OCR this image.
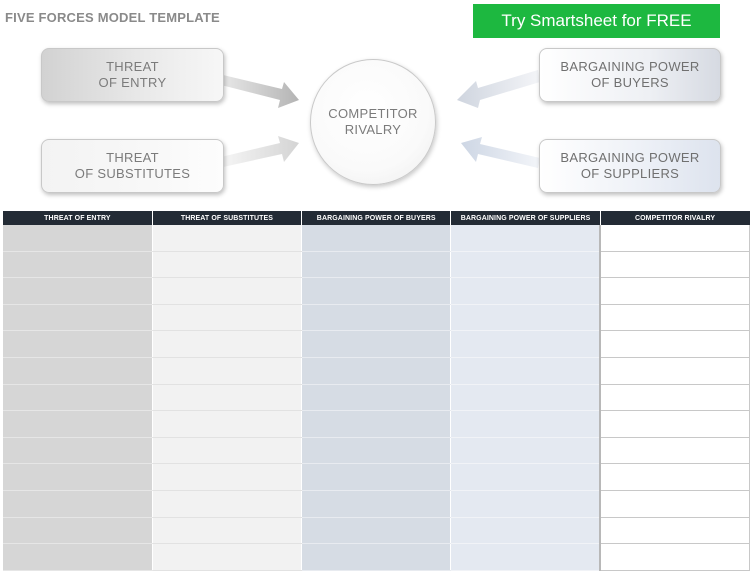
FIVE FORCES MODEL TEMPLATE	Try Smartsheet for FREE
THREAT
OF ENTRY
THREAT
OF SUBSTITUTES
BARGAINING POWER
OF BUYERS
BARGAINING POWER
OF SUPPLIERS
COMPETITOR
RIVALRY
THREAT OF ENTRY	THREAT OF SUBSTITUTES	BARGAINING POWER OF BUYERS	BARGAINING POWER OF SUPPLIERS	COMPETITOR RIVALRY
